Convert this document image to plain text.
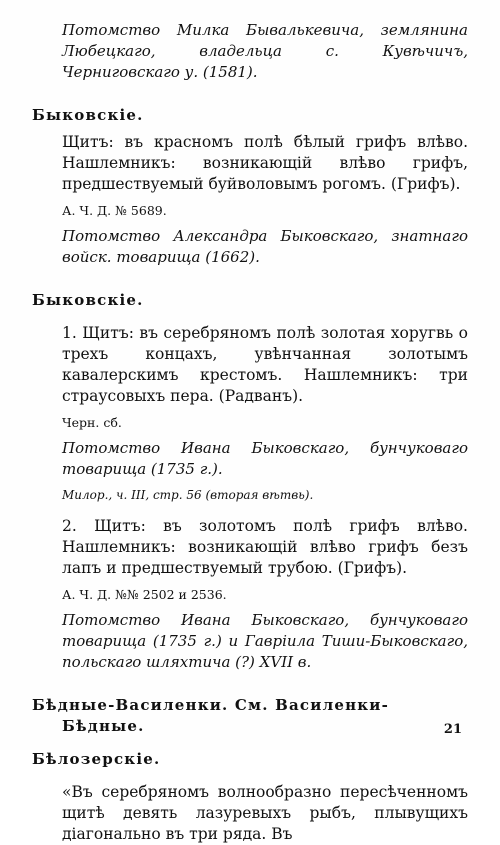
Потомство Милка Бывалькевича, землянина Любецкаго, владельца с. Кувѣчичъ, Черниговскаго у. (1581).

Быковскіе.

Щитъ: въ красномъ полѣ бѣлый грифъ влѣво. Нашлемникъ: возникающій влѣво грифъ, предшествуемый буйволовымъ рогомъ. (Грифъ).

А. Ч. Д. № 5689.

Потомство Александра Быковскаго, знатнаго войск. товарища (1662).

Быковскіе.

1. Щитъ: въ серебряномъ полѣ золотая хоругвь о трехъ концахъ, увѣнчанная золотымъ кавалерскимъ крестомъ. Нашлемникъ: три страусовыхъ пера. (Радванъ).

Черн. сб.

Потомство Ивана Быковскаго, бунчуковаго товарища (1735 г.).

Милор., ч. III, стр. 56 (вторая вѣтвь).

2. Щитъ: въ золотомъ полѣ грифъ влѣво. Нашлемникъ: возникающій влѣво грифъ безъ лапъ и предшествуемый трубою. (Грифъ).

А. Ч. Д. №№ 2502 и 2536.

Потомство Ивана Быковскаго, бунчуковаго товарища (1735 г.) и Гавріила Тиши-Быковскаго, польскаго шляхтича (?) XVII в.

Бѣдные-Василенки. См. Василенки-Бѣдные.

Бѣлозерскіе.

«Въ серебряномъ волнообразно пересѣченномъ щитѣ девять лазуревыхъ рыбъ, плывущихъ діагонально въ три ряда. Въ

21
